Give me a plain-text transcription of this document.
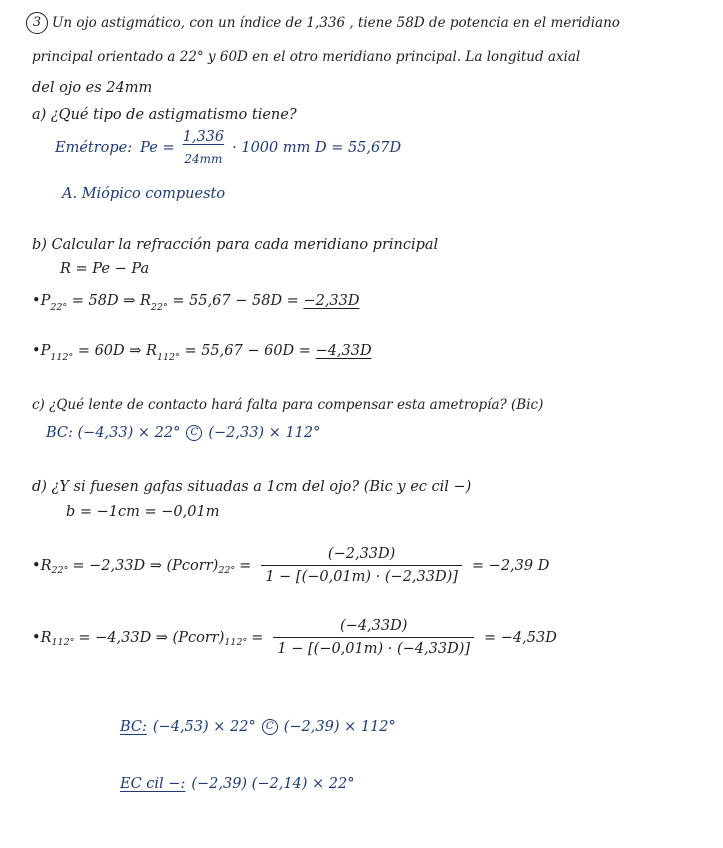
3 Un ojo astigmático, con un índice de 1,336 , tiene 58D de potencia en el meridiano
principal orientado a 22° y 60D en el otro meridiano principal. La longitud axial
del ojo es 24mm
a) ¿Qué tipo de astigmatismo tiene?
Emétrope: $Pe = \frac{1,336}{24mm} \cdot 1000$ mm D = 55,67D
A. Miópico compuesto
b) Calcular la refracción para cada meridiano principal
R = Pe − Pa
$•P_{22^\circ} = 58D$ ⇒ $R_{22^\circ} = 55,67 - 58D = -2,33D$
$•P_{112^\circ} = 60D$ ⇒ $R_{112^\circ} = 55,67 - 60D = -4,33D$
c) ¿Qué lente de contacto hará falta para compensar esta ametropía? (Bic)
BC: (−4,33) × 22°	C (−2,33) × 112°
d) ¿Y si fuesen gafas situadas a 1cm del ojo? (Bic y ec cil −)
b = −1cm = −0,01m
• R 22° = −2,33D ⇒ (Pcorr) $22^\circ = \frac{(-2,33D)}{1 - [(-0,01m) \cdot (-2,33D)]} = -2,39$ D
• R 112° = −4,33D ⇒ (Pcorr) $112^\circ = \frac{(-4,33D)}{1 - [(-0,01m) \cdot (-4,33D)]} = -4,53D$
BC: (−4,53) × 22°	C (−2,39) × 112°
EC cil −: (−2,39) (−2,14) × 22°
